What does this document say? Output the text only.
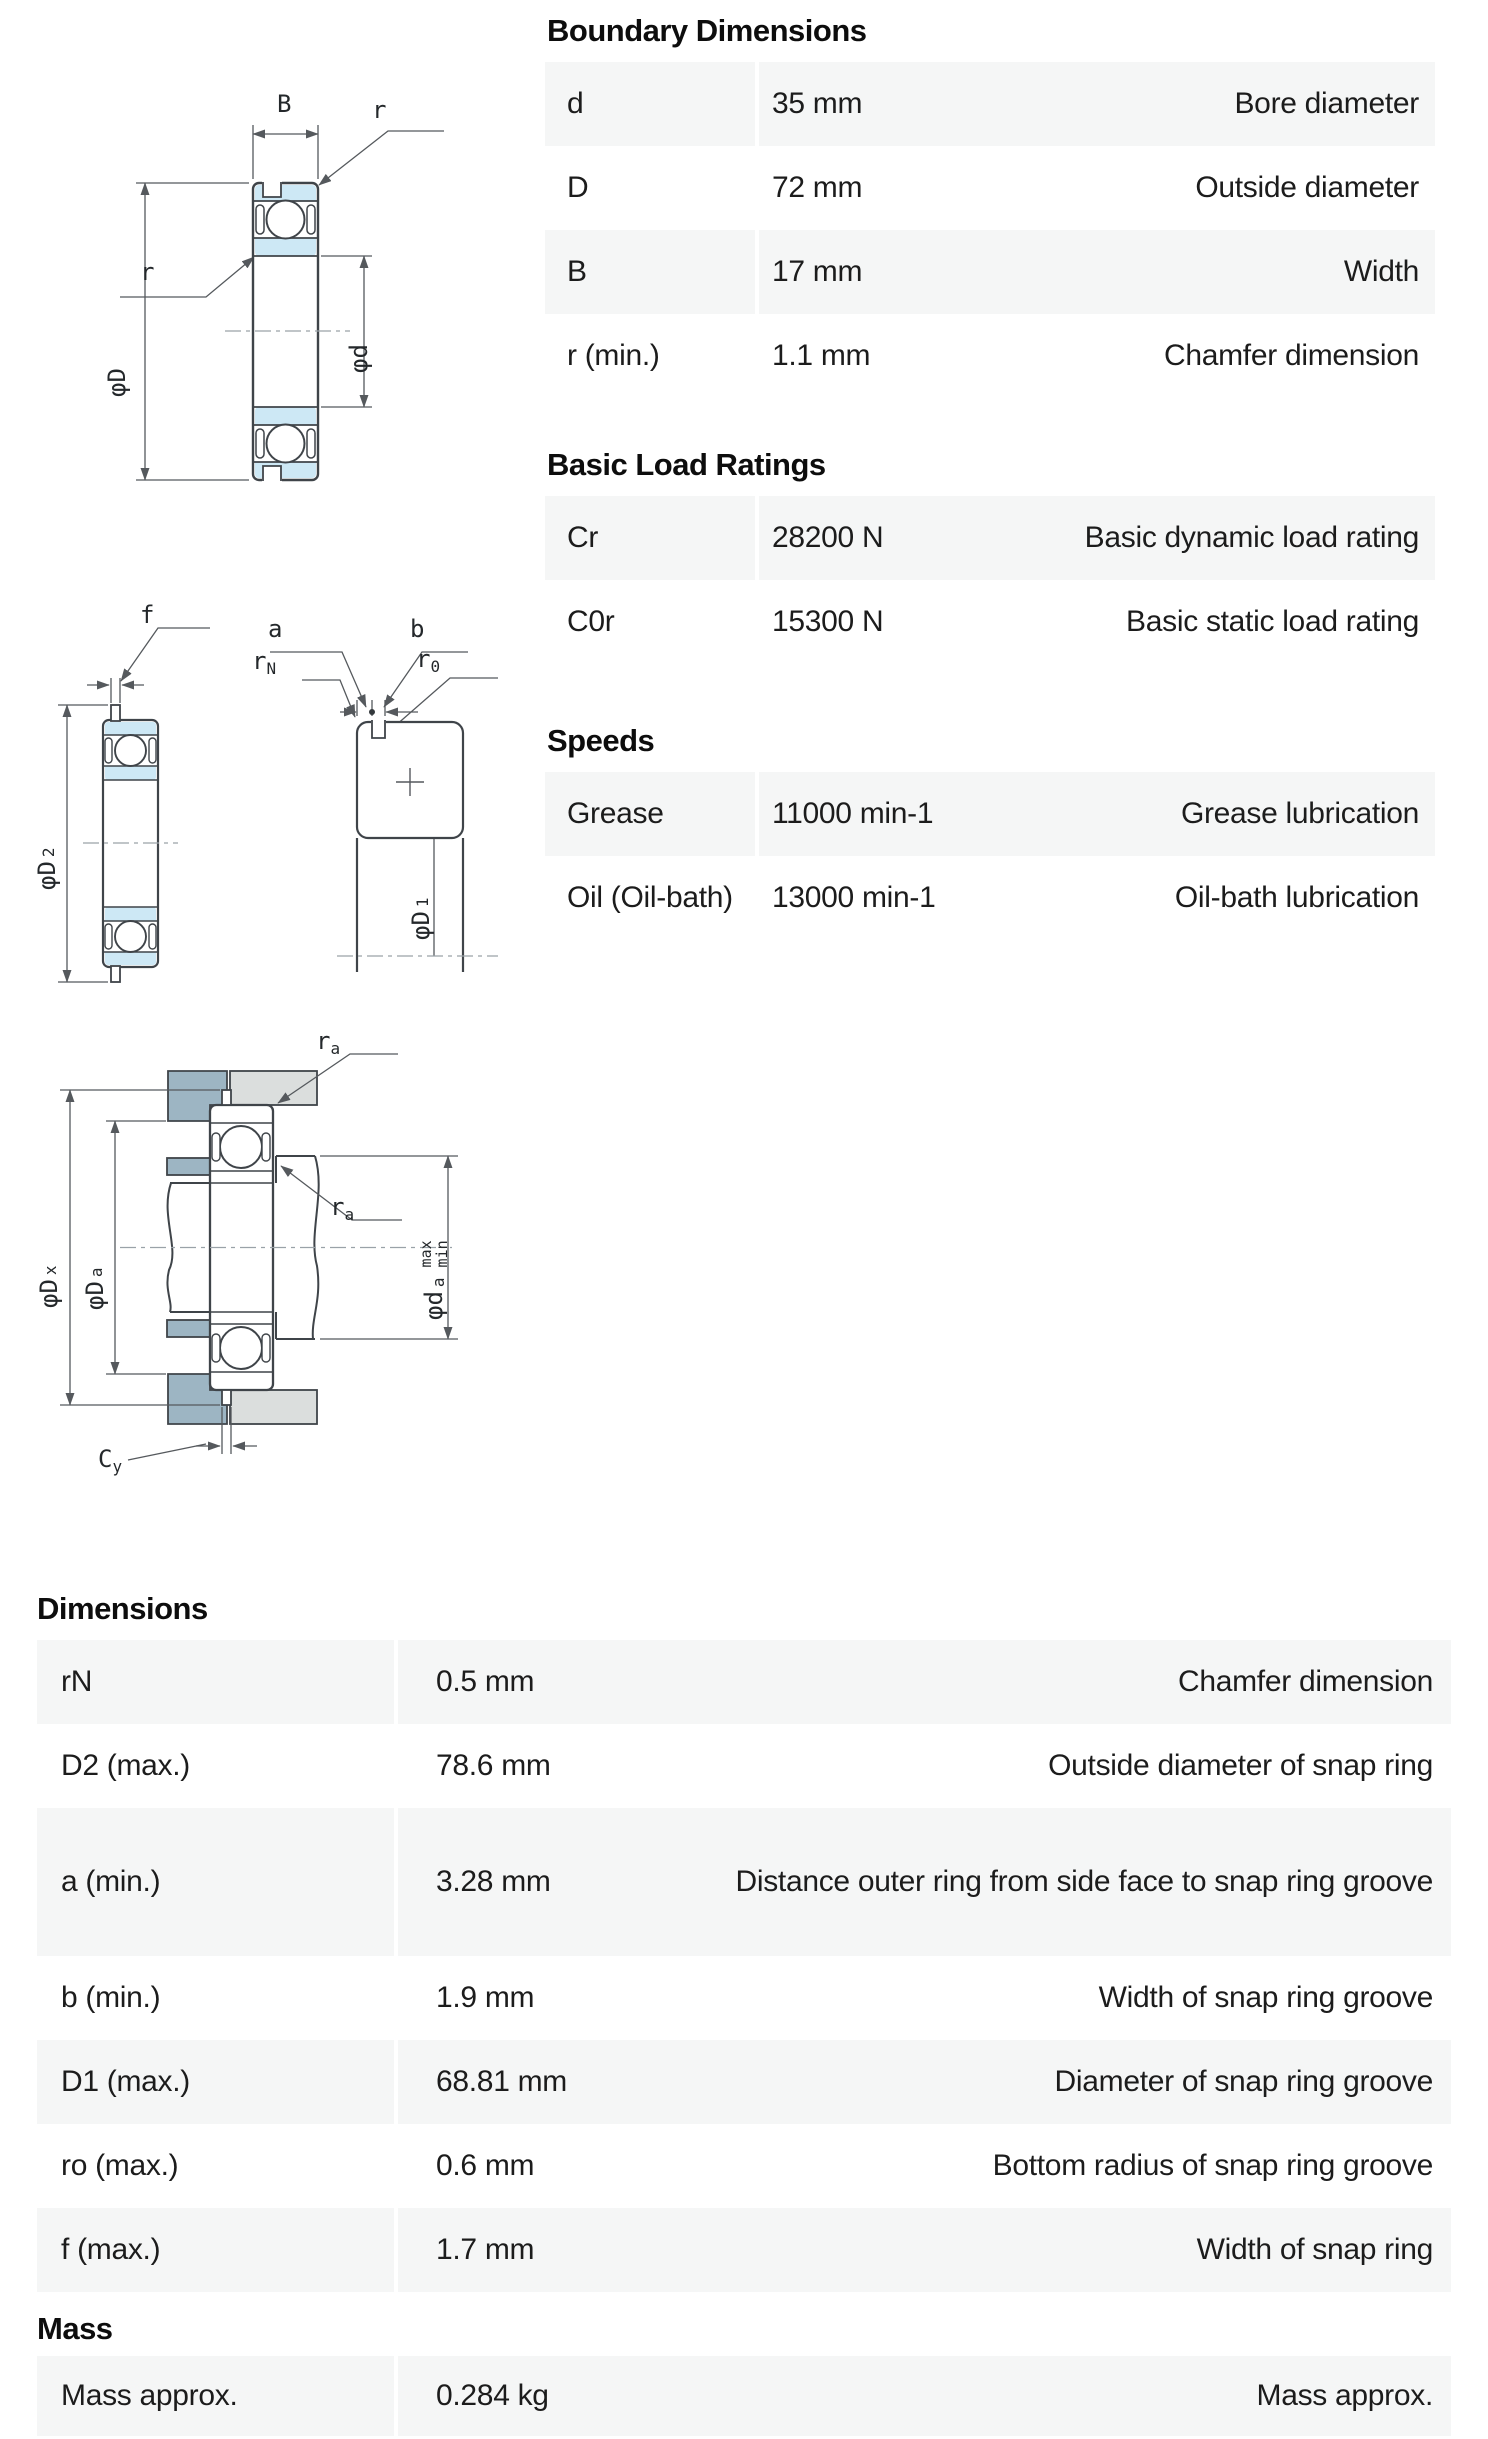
B	r
r
φD
φd
f	a	b
$r_N$	$r_0$
φD
2
φD
1
$r_a$
$r_a$
$C_y$
φD
x
φD
a
φd
a
max
min
Boundary Dimensions
d	35 mm	Bore diameter
D	72 mm	Outside diameter
B	17 mm	Width
r (min.)	1.1 mm	Chamfer dimension
Basic Load Ratings
Cr	28200 N	Basic dynamic load rating
C0r	15300 N	Basic static load rating
Speeds
Grease	11000 min-1	Grease lubrication
Oil (Oil-bath)	13000 min-1	Oil-bath lubrication
Dimensions
rN	0.5 mm	Chamfer dimension
D2 (max.)	78.6 mm	Outside diameter of snap ring
a (min.)	3.28 mm	Distance outer ring from side face to snap ring groove
b (min.)	1.9 mm	Width of snap ring groove
D1 (max.)	68.81 mm	Diameter of snap ring groove
ro (max.)	0.6 mm	Bottom radius of snap ring groove
f (max.)	1.7 mm	Width of snap ring
Mass
Mass approx.	0.284 kg	Mass approx.
